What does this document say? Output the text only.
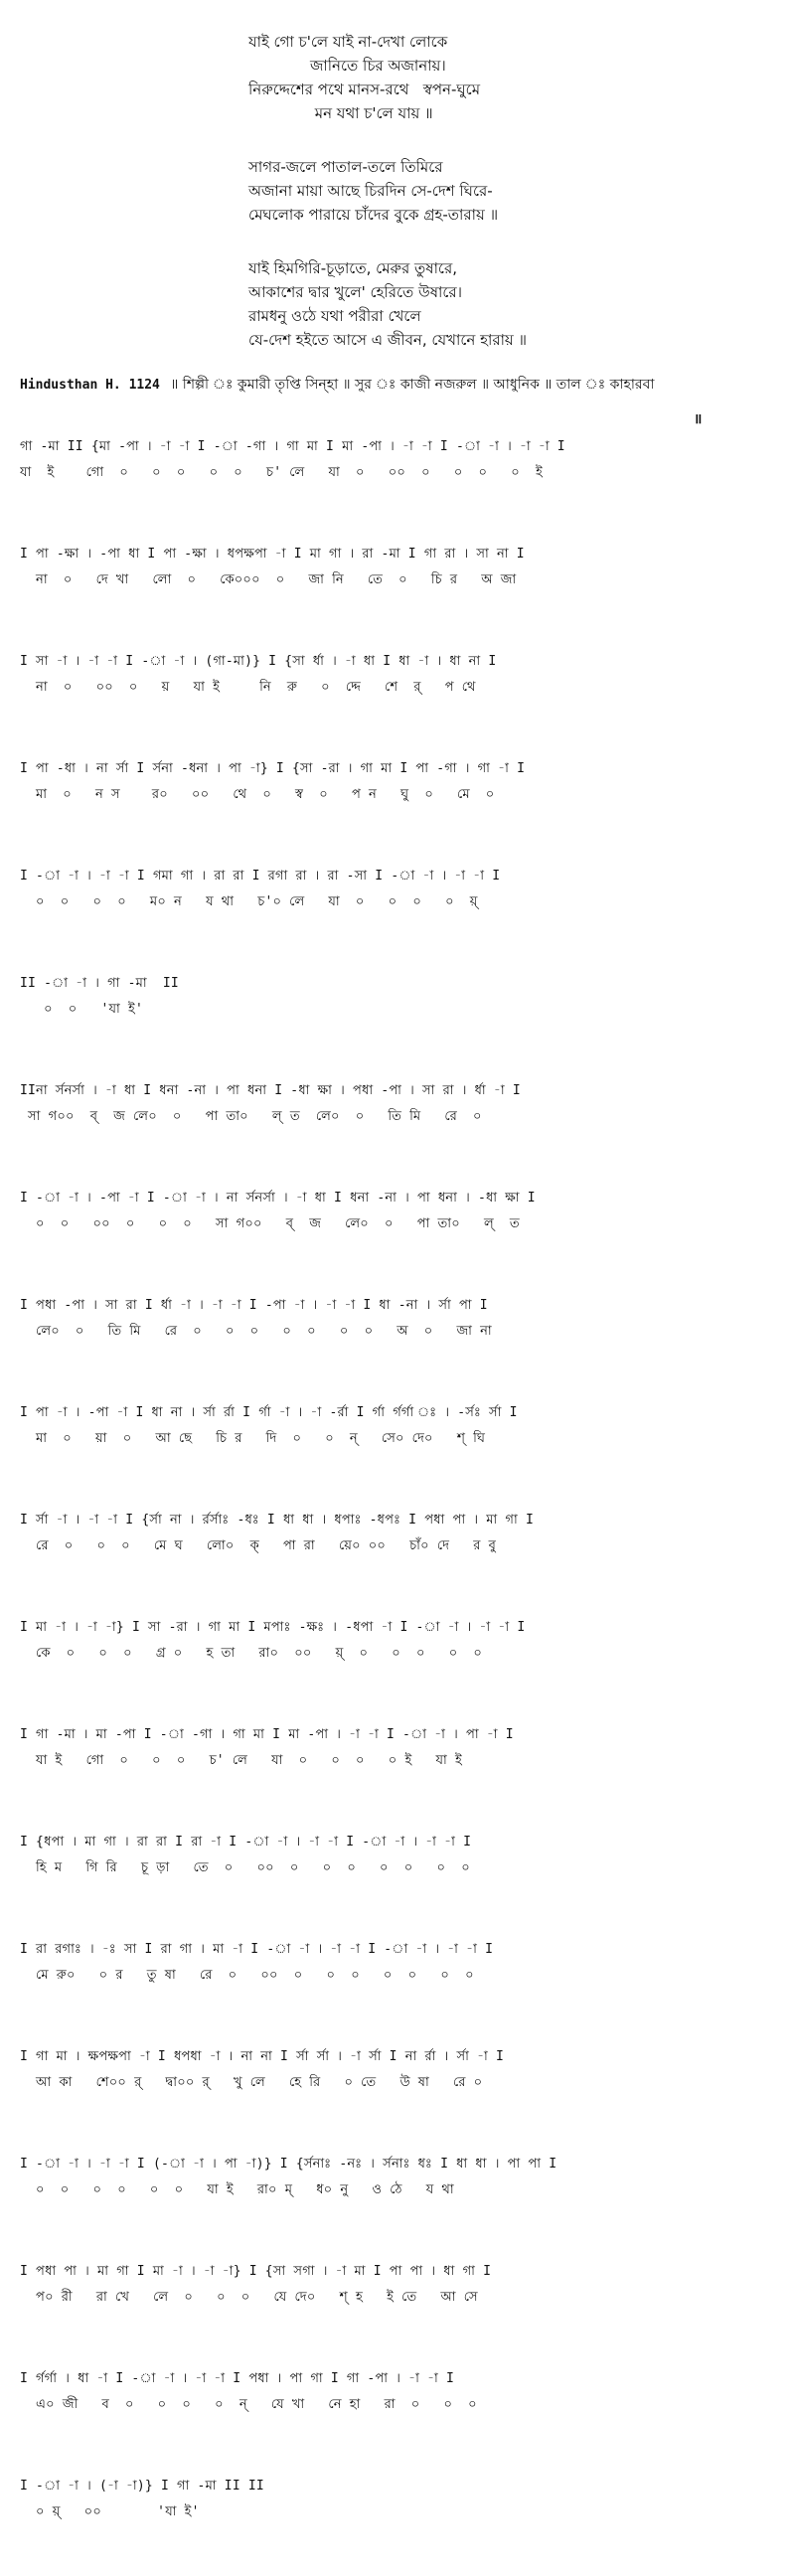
যাই গো চ'লে যাই না-দেখা লোকে
জানিতে চির অজানায়।
নিরুদ্দেশের পথে মানস-রথে   স্বপন-ঘুমে
মন যথা চ'লে যায় ॥
সাগর-জলে পাতাল-তলে তিমিরে
অজানা মায়া আছে চিরদিন সে-দেশ ঘিরে-
মেঘলোক পারায়ে চাঁদের বুকে গ্রহ-তারায় ॥
যাই হিমগিরি-চূড়াতে, মেরুর তুষারে,
আকাশের দ্বার খুলে' হেরিতে উষারে।
রামধনু ওঠে যথা পরীরা খেলে
যে-দেশ হইতে আসে এ জীবন, যেখানে হারায় ॥
Hindusthan H. 1124 ॥ শিল্পী ঃ কুমারী তৃপ্তি সিন্‌হা ॥ সুর ঃ কাজী নজরুল ॥ আধুনিক ॥ তাল ঃ কাহারবা
॥
গা -মা II {মা -পা । -া -া I -া -গা । গা মা I মা -পা । -া -া I -া -া । -া -া I
যা  ই    গো  ০   ০  ০   ০  ০   চ' লে   যা  ০   ০০  ০   ০  ০   ০  ই
I পা -ক্ষা । -পা ধা I পা -ক্ষা । ধপক্ষপা -া I মা গা । রা -মা I গা রা । সা না I
না  ০   দে খা   লো  ০   কে০০০  ০   জা নি   তে  ০   চি র   অ জা
I সা -া । -া -া I -া -া । (গা-মা)} I {সা র্ধা । -া ধা I ধা -া । ধা না I
না  ০   ০০  ০   য়   যা ই     নি  রু   ০  দ্দে   শে  র্   প থে
I পা -ধা । না র্সা I র্সনা -ধনা । পা -া} I {সা -রা । গা মা I পা -গা । গা -া I
মা  ০   ন স    র০   ০০   থে  ০   স্ব  ০   প ন   ঘু  ০   মে  ০
I -া -া । -া -া I গমা গা । রা রা I রগা রা । রা -সা I -া -া । -া -া I
০  ০   ০  ০   ম০ ন   য থা   চ'০ লে   যা  ০   ০  ০   ০  য়্
II -া -া । গা -মা  II
০  ০   'যা ই'
IIনা র্সনর্সা । -া ধা I ধনা -না । পা ধনা I -ধা ক্ষা । পধা -পা । সা রা । র্ধা -া I
সা গ০০  ব্  জ লে০  ০   পা তা০   ল্ ত  লে০  ০   তি মি   রে  ০
I -া -া । -পা -া I -া -া । না র্সনর্সা । -া ধা I ধনা -না । পা ধনা । -ধা ক্ষা I
০  ০   ০০  ০   ০  ০   সা গ০০   ব্  জ   লে০  ০   পা তা০   ল্  ত
I পধা -পা । সা রা I র্ধা -া । -া -া I -পা -া । -া -া I ধা -না । র্সা পা I
লে০  ০   তি মি   রে  ০   ০  ০   ০  ০   ০  ০   অ  ০   জা না
I পা -া । -পা -া I ধা না । র্সা র্রা I র্গা -া । -া -র্রা I র্গা র্গর্গা ঃ । -র্সঃ র্সা I
মা  ০   য়া  ০   আ ছে   চি র   দি  ০   ০  ন্   সে০ দে০   শ্ ঘি
I র্সা -া । -া -া I {র্সা না । র্রর্সাঃ -ধঃ I ধা ধা । ধপাঃ -ধপঃ I পধা পা । মা গা I
রে  ০   ০  ০   মে ঘ   লো০  ক্   পা রা   য়ে০ ০০   চাঁ০ দে   র বু
I মা -া । -া -া} I সা -রা । গা মা I মপাঃ -ক্ষঃ । -ধপা -া I -া -া । -া -া I
কে  ০   ০  ০   গ্র ০   হ তা   রা০  ০০   য়্  ০   ০  ০   ০  ০
I গা -মা । মা -পা I -া -গা । গা মা I মা -পা । -া -া I -া -া । পা -া I
যা ই   গো  ০   ০  ০   চ' লে   যা  ০   ০  ০   ০ ই   যা ই
I {ধপা । মা গা । রা রা I রা -া I -া -া । -া -া I -া -া । -া -া I
হি ম   গি রি   চূ ড়া   তে  ০   ০০  ০   ০  ০   ০  ০   ০  ০
I রা রগাঃ । -ঃ সা I রা গা । মা -া I -া -া । -া -া I -া -া । -া -া I
মে রু০   ০ র   তু ষা   রে  ০   ০০  ০   ০  ০   ০  ০   ০  ০
I গা মা । ক্ষপক্ষপা -া I ধপধা -া । না না I র্সা র্সা । -া র্সা I না র্রা । র্সা -া I
আ কা   শে০০ র্   দ্বা০০ র্   খু লে   হে রি   ০ তে   উ ষা   রে ০
I -া -া । -া -া I (-া -া । পা -া)} I {র্সনাঃ -নঃ । র্সনাঃ ধঃ I ধা ধা । পা পা I
০  ০   ০  ০   ০  ০   যা ই   রা০ ম্   ধ০ নু   ও ঠে   য থা
I পধা পা । মা গা I মা -া । -া -া} I {সা সগা । -া মা I পা পা । ধা গা I
প০ রী   রা খে   লে  ০   ০  ০   যে দে০   শ্ হ   ই তে   আ সে
I র্গর্গা । ধা -া I -া -া । -া -া I পধা । পা গা I গা -পা । -া -া I
এ০ জী   ব  ০   ০  ০   ০  ন্   যে খা   নে হা   রা  ০   ০  ০
I -া -া । (-া -া)} I গা -মা II II
০ য়্   ০০       'যা ই'
